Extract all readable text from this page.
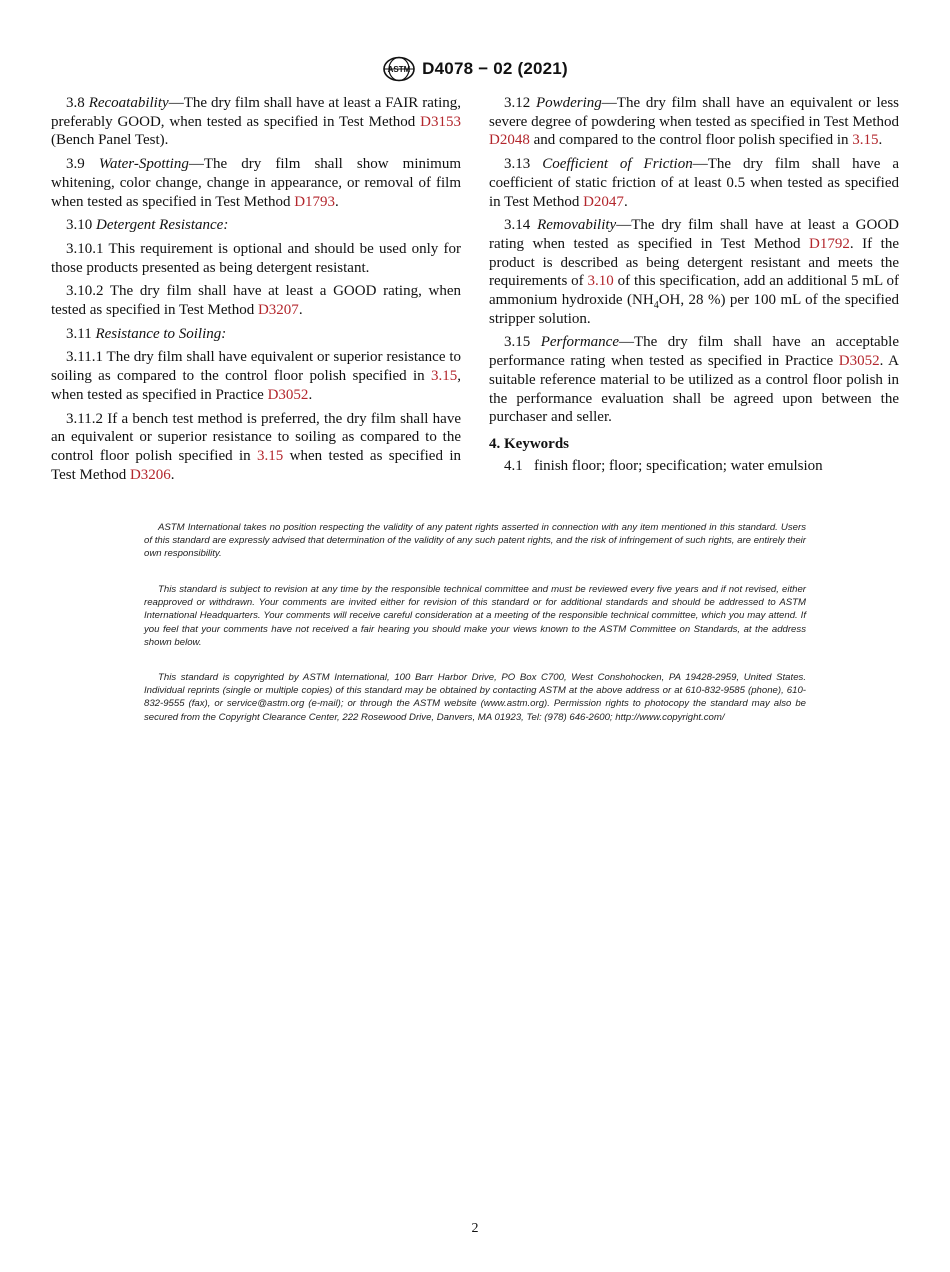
ASTM D4078 − 02 (2021)

3.8 Recoatability—The dry film shall have at least a FAIR rating, preferably GOOD, when tested as specified in Test Method D3153 (Bench Panel Test).

3.9 Water-Spotting—The dry film shall show minimum whitening, color change, change in appearance, or removal of film when tested as specified in Test Method D1793.

3.10 Detergent Resistance:

3.10.1 This requirement is optional and should be used only for those products presented as being detergent resistant.

3.10.2 The dry film shall have at least a GOOD rating, when tested as specified in Test Method D3207.

3.11 Resistance to Soiling:

3.11.1 The dry film shall have equivalent or superior resistance to soiling as compared to the control floor polish specified in 3.15, when tested as specified in Practice D3052.

3.11.2 If a bench test method is preferred, the dry film shall have an equivalent or superior resistance to soiling as compared to the control floor polish specified in 3.15 when tested as specified in Test Method D3206.

3.12 Powdering—The dry film shall have an equivalent or less severe degree of powdering when tested as specified in Test Method D2048 and compared to the control floor polish specified in 3.15.

3.13 Coefficient of Friction—The dry film shall have a coefficient of static friction of at least 0.5 when tested as specified in Test Method D2047.

3.14 Removability—The dry film shall have at least a GOOD rating when tested as specified in Test Method D1792. If the product is described as being detergent resistant and meets the requirements of 3.10 of this specification, add an additional 5 mL of ammonium hydroxide ($NH_4OH$, 28 %) per 100 mL of the specified stripper solution.

3.15 Performance—The dry film shall have an acceptable performance rating when tested as specified in Practice D3052. A suitable reference material to be utilized as a control floor polish in the performance evaluation shall be agreed upon between the purchaser and seller.

4. Keywords

4.1 finish floor; floor; specification; water emulsion

ASTM International takes no position respecting the validity of any patent rights asserted in connection with any item mentioned in this standard. Users of this standard are expressly advised that determination of the validity of any such patent rights, and the risk of infringement of such rights, are entirely their own responsibility.

This standard is subject to revision at any time by the responsible technical committee and must be reviewed every five years and if not revised, either reapproved or withdrawn. Your comments are invited either for revision of this standard or for additional standards and should be addressed to ASTM International Headquarters. Your comments will receive careful consideration at a meeting of the responsible technical committee, which you may attend. If you feel that your comments have not received a fair hearing you should make your views known to the ASTM Committee on Standards, at the address shown below.

This standard is copyrighted by ASTM International, 100 Barr Harbor Drive, PO Box C700, West Conshohocken, PA 19428-2959, United States. Individual reprints (single or multiple copies) of this standard may be obtained by contacting ASTM at the above address or at 610-832-9585 (phone), 610-832-9555 (fax), or service@astm.org (e-mail); or through the ASTM website (www.astm.org). Permission rights to photocopy the standard may also be secured from the Copyright Clearance Center, 222 Rosewood Drive, Danvers, MA 01923, Tel: (978) 646-2600; http://www.copyright.com/

2
